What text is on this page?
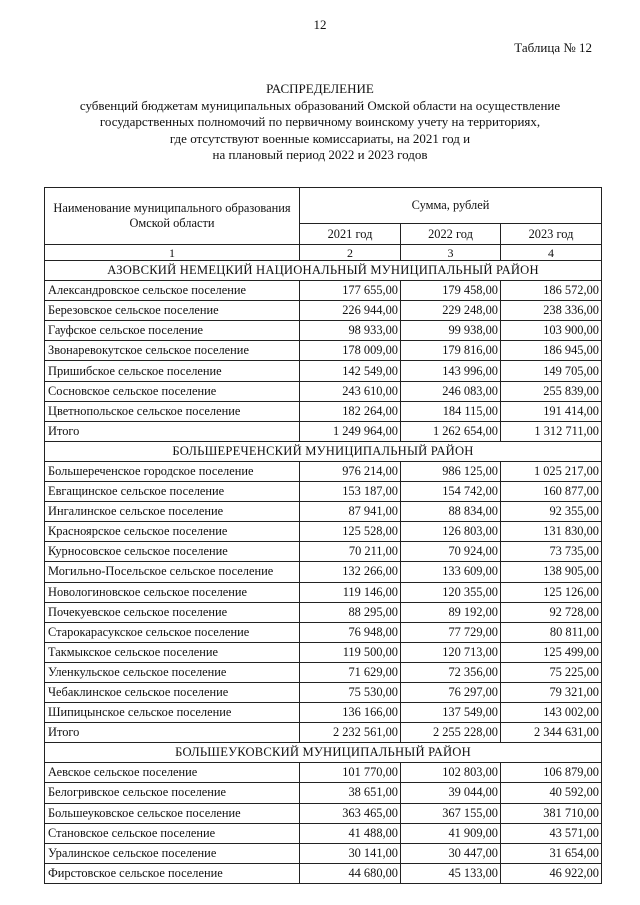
12
Таблица № 12
РАСПРЕДЕЛЕНИЕ
субвенций бюджетам муниципальных образований Омской области на осуществление
государственных полномочий по первичному воинскому учету на территориях,
где отсутствуют военные комиссариаты, на 2021 год и
на плановый период 2022 и 2023 годов
Наименование муниципального образования Омской области	Сумма, рублей		
	2021 год	2022 год	2023 год
1	2	3	4
АЗОВСКИЙ НЕМЕЦКИЙ НАЦИОНАЛЬНЫЙ МУНИЦИПАЛЬНЫЙ РАЙОН			
Александровское сельское поселение	177 655,00	179 458,00	186 572,00
Березовское сельское поселение	226 944,00	229 248,00	238 336,00
Гауфское сельское поселение	98 933,00	99 938,00	103 900,00
Звонаревокутское сельское поселение	178 009,00	179 816,00	186 945,00
Пришибское сельское поселение	142 549,00	143 996,00	149 705,00
Сосновское сельское поселение	243 610,00	246 083,00	255 839,00
Цветнопольское сельское поселение	182 264,00	184 115,00	191 414,00
Итого	1 249 964,00	1 262 654,00	1 312 711,00
БОЛЬШЕРЕЧЕНСКИЙ МУНИЦИПАЛЬНЫЙ РАЙОН			
Большереченское городское поселение	976 214,00	986 125,00	1 025 217,00
Евгащинское сельское поселение	153 187,00	154 742,00	160 877,00
Ингалинское сельское поселение	87 941,00	88 834,00	92 355,00
Красноярское сельское поселение	125 528,00	126 803,00	131 830,00
Курносовское сельское поселение	70 211,00	70 924,00	73 735,00
Могильно-Посельское сельское поселение	132 266,00	133 609,00	138 905,00
Новологиновское сельское поселение	119 146,00	120 355,00	125 126,00
Почекуевское сельское поселение	88 295,00	89 192,00	92 728,00
Старокарасукское сельское поселение	76 948,00	77 729,00	80 811,00
Такмыкское сельское поселение	119 500,00	120 713,00	125 499,00
Уленкульское сельское поселение	71 629,00	72 356,00	75 225,00
Чебаклинское сельское поселение	75 530,00	76 297,00	79 321,00
Шипицынское сельское поселение	136 166,00	137 549,00	143 002,00
Итого	2 232 561,00	2 255 228,00	2 344 631,00
БОЛЬШЕУКОВСКИЙ МУНИЦИПАЛЬНЫЙ РАЙОН			
Аевское сельское поселение	101 770,00	102 803,00	106 879,00
Белогривское сельское поселение	38 651,00	39 044,00	40 592,00
Большеуковское сельское поселение	363 465,00	367 155,00	381 710,00
Становское сельское поселение	41 488,00	41 909,00	43 571,00
Уралинское сельское поселение	30 141,00	30 447,00	31 654,00
Фирстовское сельское поселение	44 680,00	45 133,00	46 922,00
